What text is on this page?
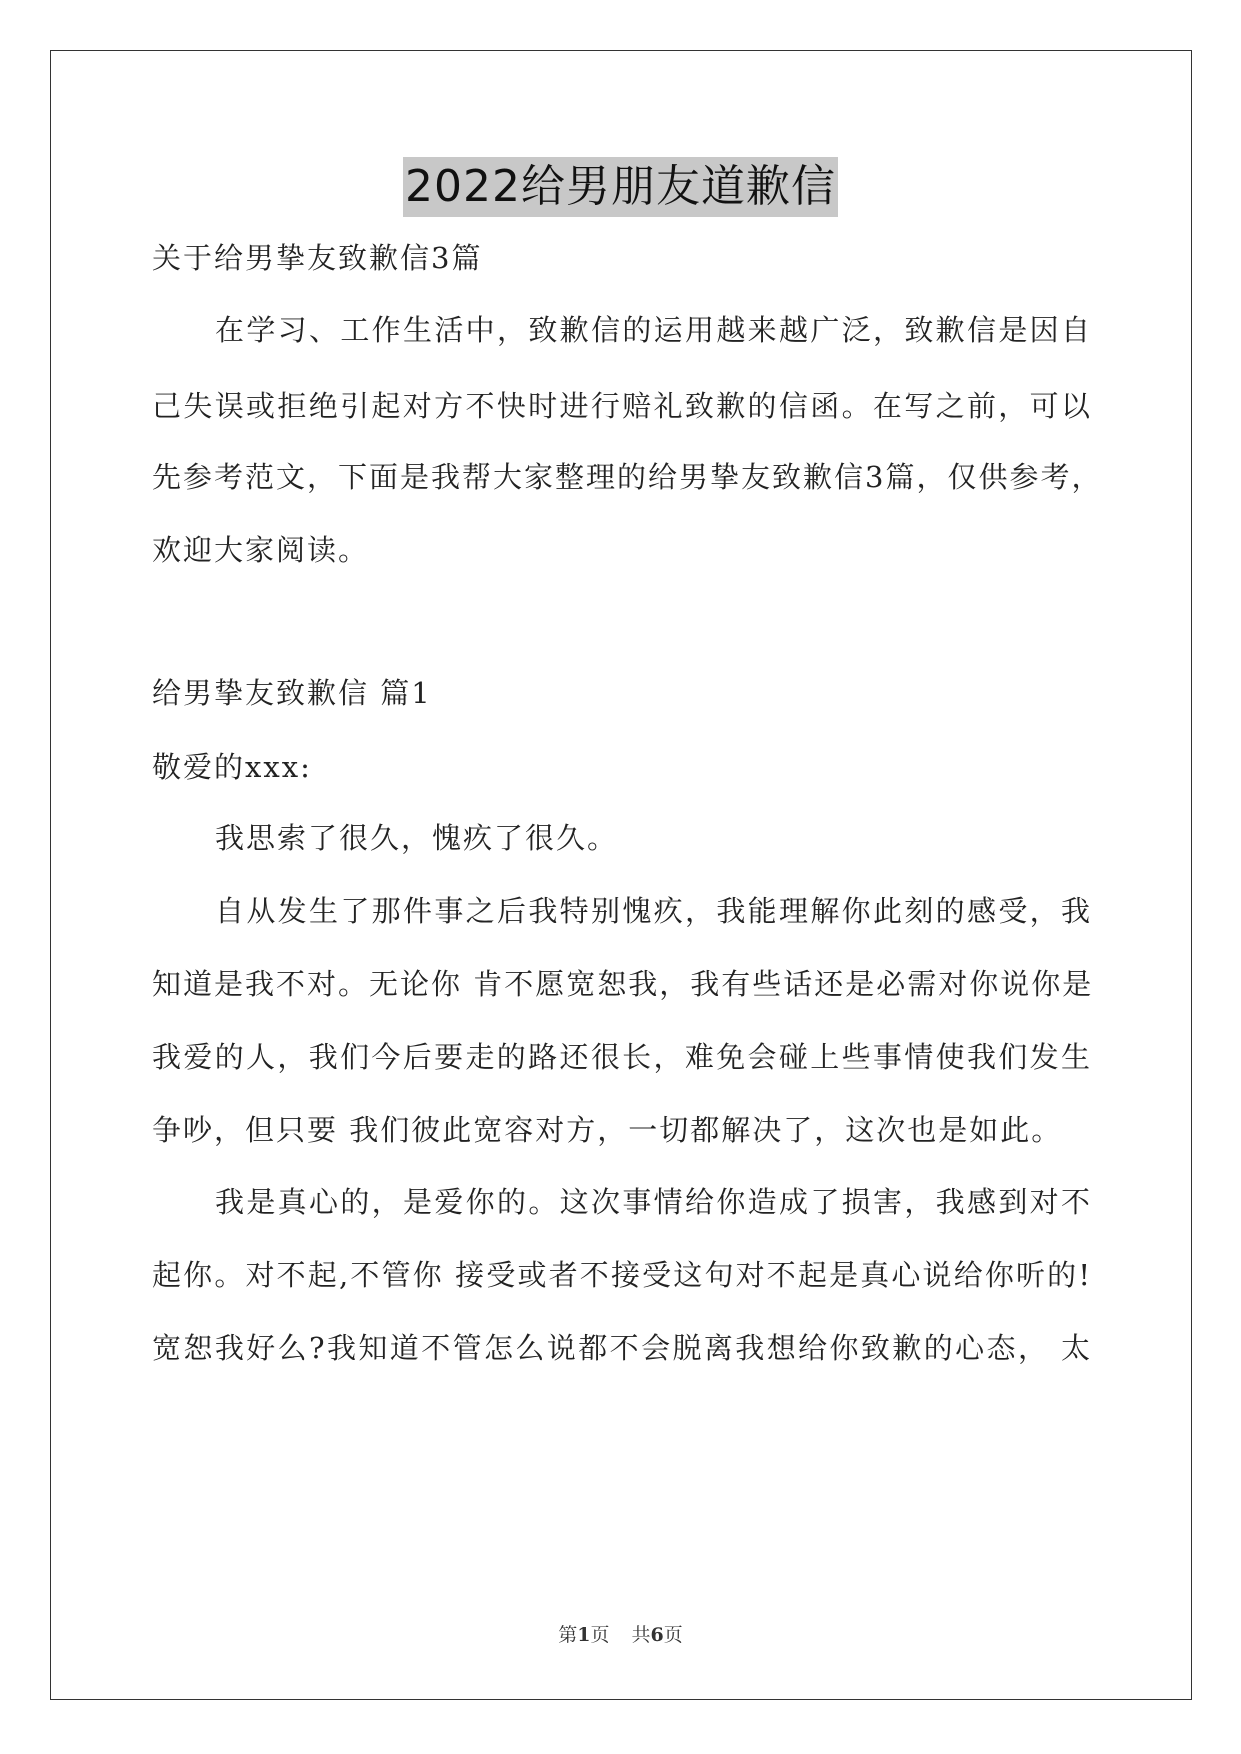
2022给男朋友道歉信

关于给男挚友致歉信3篇

在学习、工作生活中，致歉信的运用越来越广泛，致歉信是因自

己失误或拒绝引起对方不快时进行赔礼致歉的信函。在写之前，可以

先参考范文，下面是我帮大家整理的给男挚友致歉信3篇，仅供参考，

欢迎大家阅读。

给男挚友致歉信 篇1

敬爱的xxx:

我思索了很久，愧疚了很久。

自从发生了那件事之后我特别愧疚，我能理解你此刻的感受，我

知道是我不对。无论你 肯不愿宽恕我，我有些话还是必需对你说你是

我爱的人，我们今后要走的路还很长，难免会碰上些事情使我们发生

争吵，但只要 我们彼此宽容对方，一切都解决了，这次也是如此。

我是真心的，是爱你的。这次事情给你造成了损害，我感到对不

起你。对不起,不管你 接受或者不接受这句对不起是真心说给你听的!

宽恕我好么?我知道不管怎么说都不会脱离我想给你致歉的心态， 太

第1页 共6页
